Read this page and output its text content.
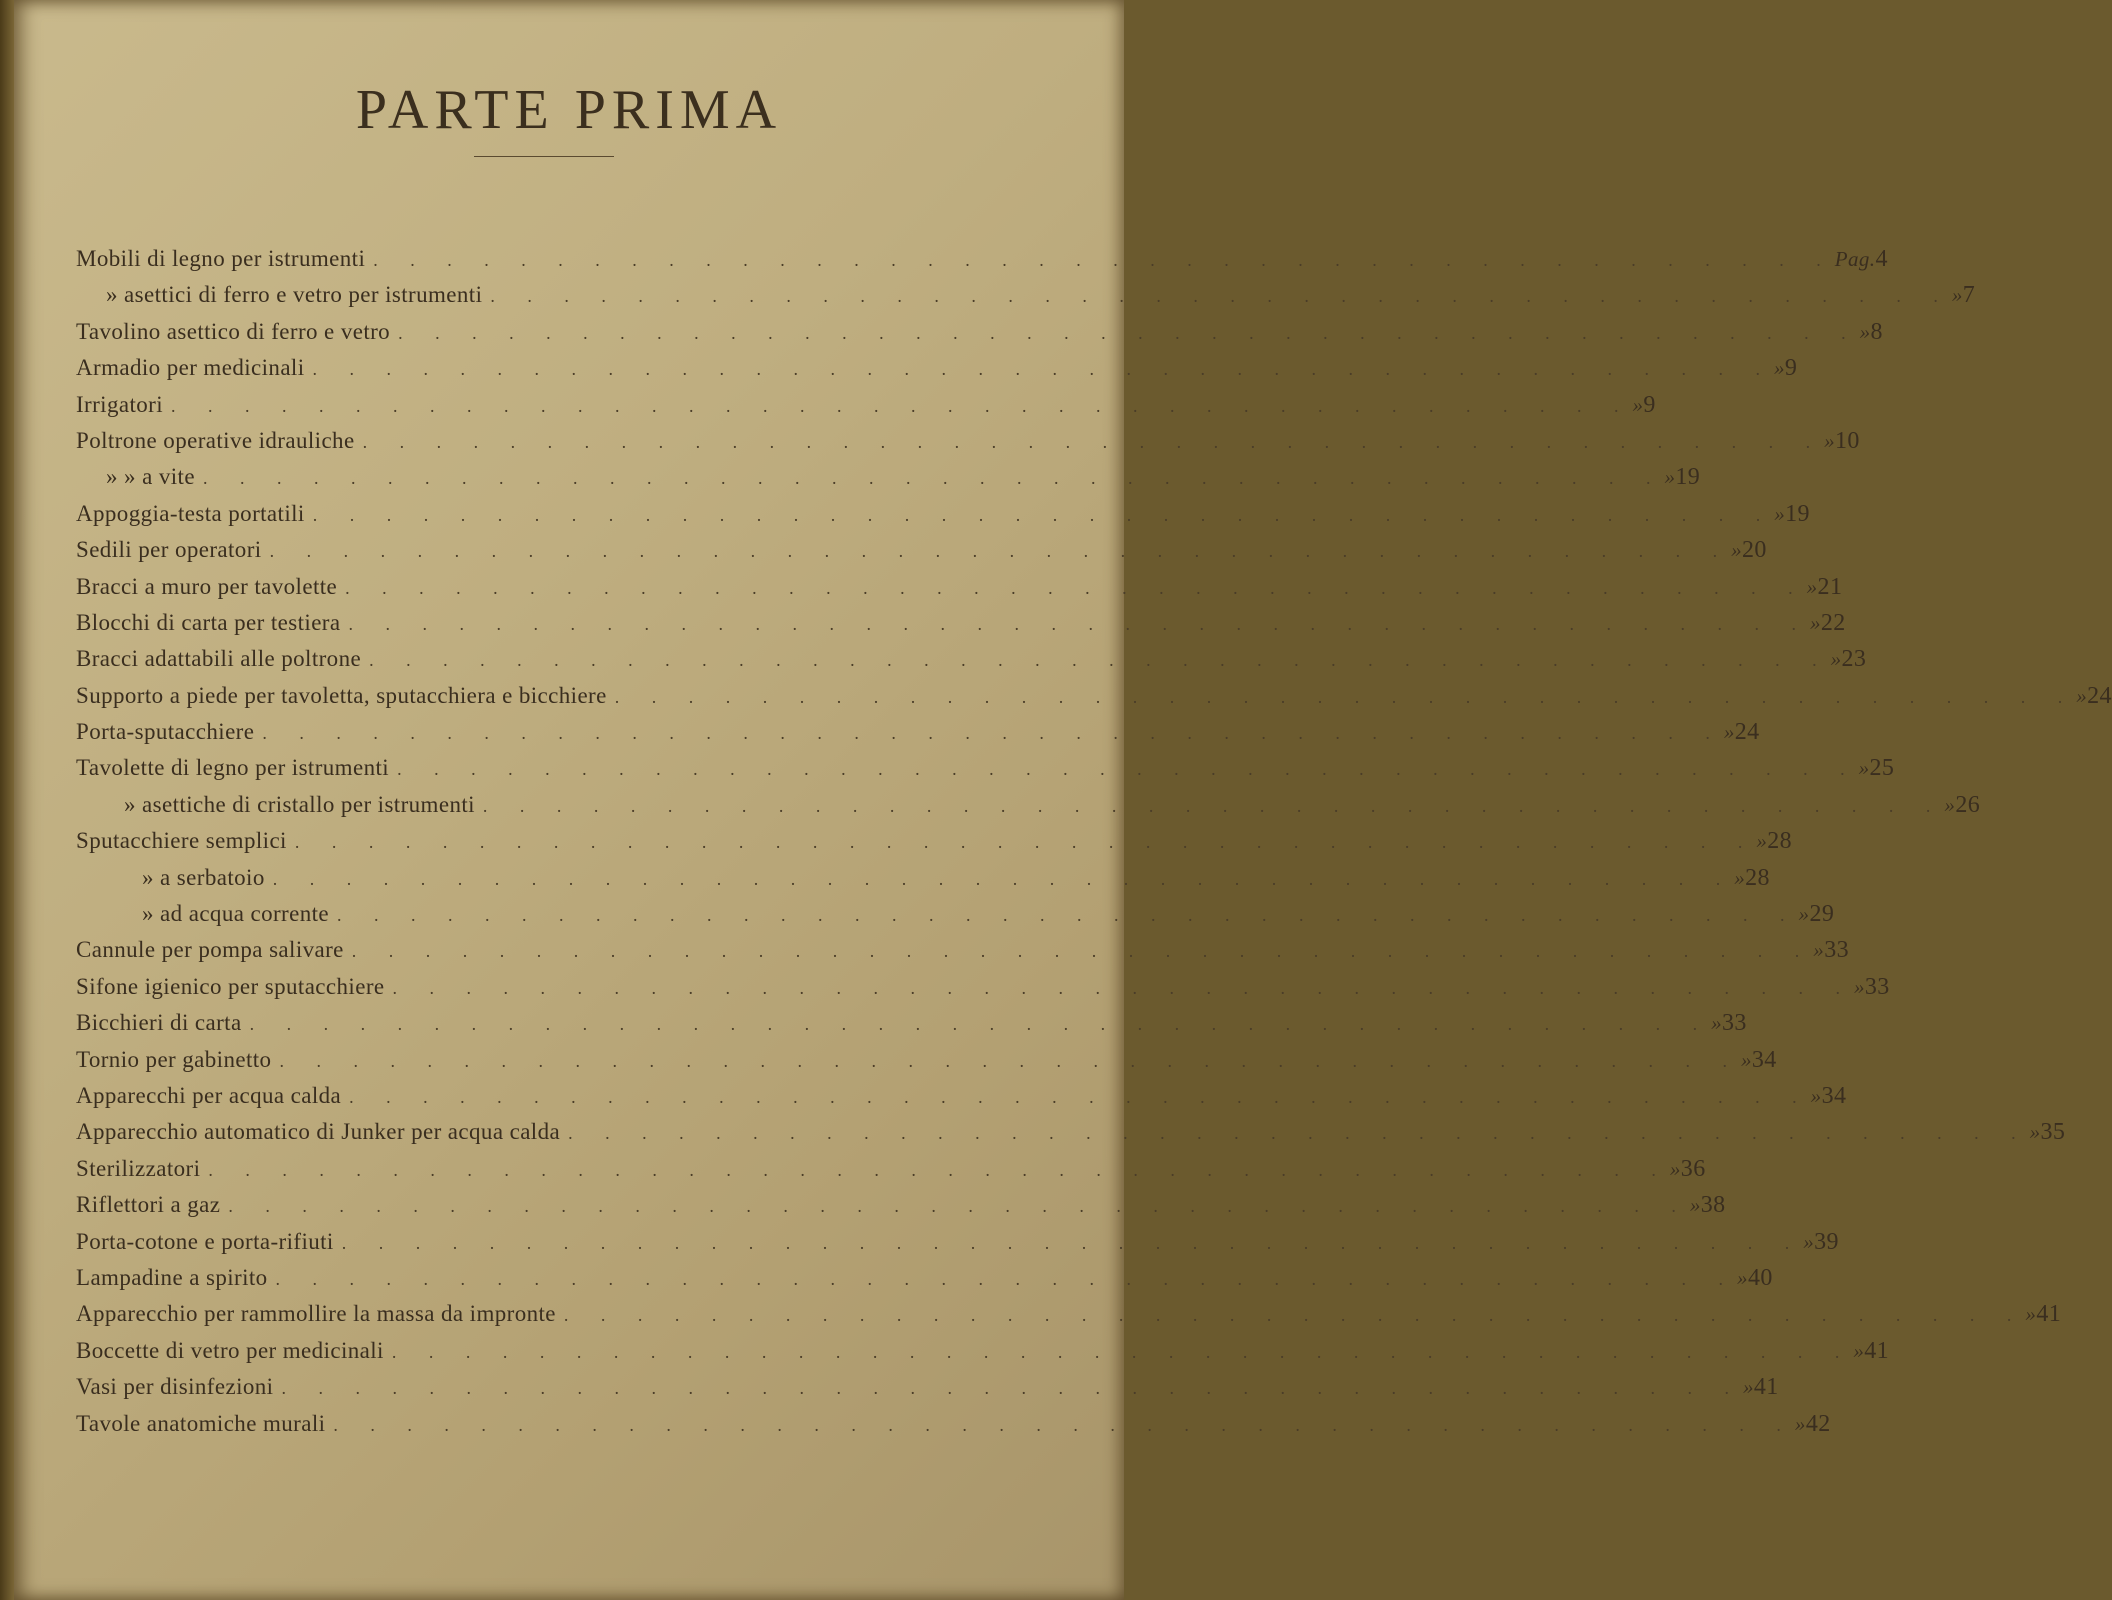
PARTE PRIMA
Mobili di legno per istrumenti . . . . . . . . . . . . . . . . . . . . . . . . . . . . . . . . . . . . . . . . Pag. 4
» asettici di ferro e vetro per istrumenti . . . . . . . . . . . . . . . . . . . . . . . . . . . . . . . . . . . . . . . . » 7
Tavolino asettico di ferro e vetro . . . . . . . . . . . . . . . . . . . . . . . . . . . . . . . . . . . . . . . . » 8
Armadio per medicinali . . . . . . . . . . . . . . . . . . . . . . . . . . . . . . . . . . . . . . . . » 9
Irrigatori . . . . . . . . . . . . . . . . . . . . . . . . . . . . . . . . . . . . . . . . » 9
Poltrone operative idrauliche . . . . . . . . . . . . . . . . . . . . . . . . . . . . . . . . . . . . . . . . » 10
» » a vite . . . . . . . . . . . . . . . . . . . . . . . . . . . . . . . . . . . . . . . . » 19
Appoggia-testa portatili . . . . . . . . . . . . . . . . . . . . . . . . . . . . . . . . . . . . . . . . » 19
Sedili per operatori . . . . . . . . . . . . . . . . . . . . . . . . . . . . . . . . . . . . . . . . » 20
Bracci a muro per tavolette . . . . . . . . . . . . . . . . . . . . . . . . . . . . . . . . . . . . . . . . » 21
Blocchi di carta per testiera . . . . . . . . . . . . . . . . . . . . . . . . . . . . . . . . . . . . . . . . » 22
Bracci adattabili alle poltrone . . . . . . . . . . . . . . . . . . . . . . . . . . . . . . . . . . . . . . . . » 23
Supporto a piede per tavoletta, sputacchiera e bicchiere . . . . . . . . . . . . . . . . . . . . . . . . . . . . . . . . . . . . . . . . » 24
Porta-sputacchiere . . . . . . . . . . . . . . . . . . . . . . . . . . . . . . . . . . . . . . . . » 24
Tavolette di legno per istrumenti . . . . . . . . . . . . . . . . . . . . . . . . . . . . . . . . . . . . . . . . » 25
» asettiche di cristallo per istrumenti . . . . . . . . . . . . . . . . . . . . . . . . . . . . . . . . . . . . . . . . » 26
Sputacchiere semplici . . . . . . . . . . . . . . . . . . . . . . . . . . . . . . . . . . . . . . . . » 28
» a serbatoio . . . . . . . . . . . . . . . . . . . . . . . . . . . . . . . . . . . . . . . . » 28
» ad acqua corrente . . . . . . . . . . . . . . . . . . . . . . . . . . . . . . . . . . . . . . . . » 29
Cannule per pompa salivare . . . . . . . . . . . . . . . . . . . . . . . . . . . . . . . . . . . . . . . . » 33
Sifone igienico per sputacchiere . . . . . . . . . . . . . . . . . . . . . . . . . . . . . . . . . . . . . . . . » 33
Bicchieri di carta . . . . . . . . . . . . . . . . . . . . . . . . . . . . . . . . . . . . . . . . » 33
Tornio per gabinetto . . . . . . . . . . . . . . . . . . . . . . . . . . . . . . . . . . . . . . . . » 34
Apparecchi per acqua calda . . . . . . . . . . . . . . . . . . . . . . . . . . . . . . . . . . . . . . . . » 34
Apparecchio automatico di Junker per acqua calda . . . . . . . . . . . . . . . . . . . . . . . . . . . . . . . . . . . . . . . . » 35
Sterilizzatori . . . . . . . . . . . . . . . . . . . . . . . . . . . . . . . . . . . . . . . . » 36
Riflettori a gaz . . . . . . . . . . . . . . . . . . . . . . . . . . . . . . . . . . . . . . . . » 38
Porta-cotone e porta-rifiuti . . . . . . . . . . . . . . . . . . . . . . . . . . . . . . . . . . . . . . . . » 39
Lampadine a spirito . . . . . . . . . . . . . . . . . . . . . . . . . . . . . . . . . . . . . . . . » 40
Apparecchio per rammollire la massa da impronte . . . . . . . . . . . . . . . . . . . . . . . . . . . . . . . . . . . . . . . . » 41
Boccette di vetro per medicinali . . . . . . . . . . . . . . . . . . . . . . . . . . . . . . . . . . . . . . . . » 41
Vasi per disinfezioni . . . . . . . . . . . . . . . . . . . . . . . . . . . . . . . . . . . . . . . . » 41
Tavole anatomiche murali . . . . . . . . . . . . . . . . . . . . . . . . . . . . . . . . . . . . . . . . » 42
